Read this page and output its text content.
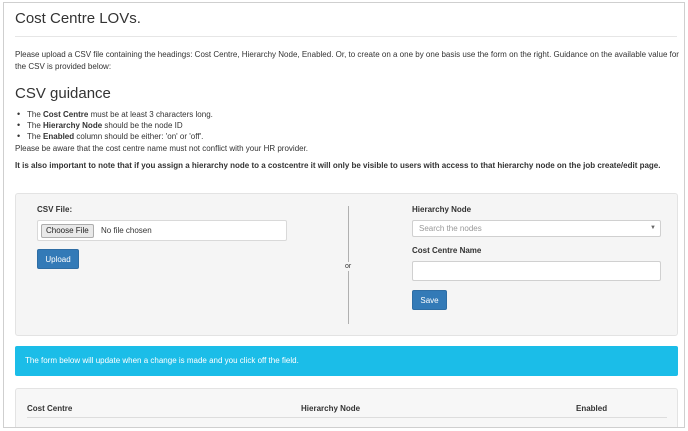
Cost Centre LOVs.

Please upload a CSV file containing the headings: Cost Centre, Hierarchy Node, Enabled. Or, to create on a one by one basis use the form on the right. Guidance on the available value for the CSV is provided below:

CSV guidance
• The Cost Centre must be at least 3 characters long.
• The Hierarchy Node should be the node ID
• The Enabled column should be either: 'on' or 'off'.

Please be aware that the cost centre name must not conflict with your HR provider.

It is also important to note that if you assign a hierarchy node to a costcentre it will only be visible to users with access to that hierarchy node on the job create/edit page.

CSV File:
Choose File	No file chosen
Upload
or
Hierarchy Node
Search the nodes	▼
Cost Centre Name
Save
The form below will update when a change is made and you click off the field.
Cost Centre	Hierarchy Node	Enabled
